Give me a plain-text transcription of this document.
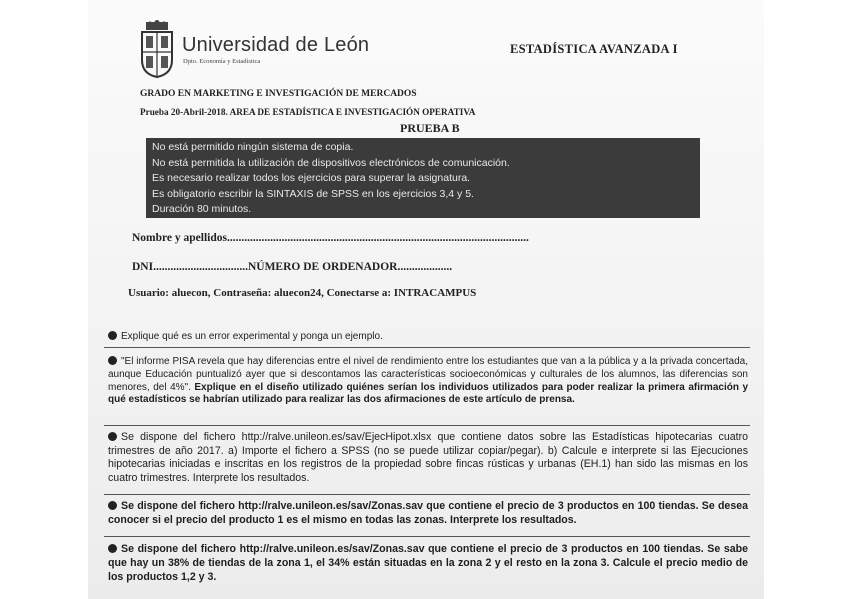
Universidad de León
Dpto. Economía y Estadística
ESTADÍSTICA AVANZADA I
GRADO EN MARKETING E INVESTIGACIÓN DE MERCADOS
Prueba 20-Abril-2018. AREA DE ESTADÍSTICA E INVESTIGACIÓN OPERATIVA
PRUEBA B
No está permitido ningún sistema de copia.
No está permitida la utilización de dispositivos electrónicos de comunicación.
Es necesario realizar todos los ejercicios para superar la asignatura.
Es obligatorio escribir la SINTAXIS de SPSS en los ejercicios 3,4 y 5.
Duración 80 minutos.
Nombre y apellidos.........................................................................................................
DNI.................................NÚMERO DE ORDENADOR...................
Usuario: aluecon, Contraseña: aluecon24, Conectarse a: INTRACAMPUS
Explique qué es un error experimental y ponga un ejemplo.
"El informe PISA revela que hay diferencias entre el nivel de rendimiento entre los estudiantes que van a la pública y a la privada concertada, aunque Educación puntualizó ayer que si descontamos las características socioeconómicas y culturales de los alumnos, las diferencias son menores, del 4%". Explique en el diseño utilizado quiénes serían los individuos utilizados para poder realizar la primera afirmación y qué estadísticos se habrían utilizado para realizar las dos afirmaciones de este artículo de prensa.
Se dispone del fichero http://ralve.unileon.es/sav/EjecHipot.xlsx que contiene datos sobre las Estadísticas hipotecarias cuatro trimestres de año 2017. a) Importe el fichero a SPSS (no se puede utilizar copiar/pegar). b) Calcule e interprete si las Ejecuciones hipotecarias iniciadas e inscritas en los registros de la propiedad sobre fincas rústicas y urbanas (EH.1) han sido las mismas en los cuatro trimestres. Interprete los resultados.
Se dispone del fichero http://ralve.unileon.es/sav/Zonas.sav que contiene el precio de 3 productos en 100 tiendas. Se desea conocer si el precio del producto 1 es el mismo en todas las zonas. Interprete los resultados.
Se dispone del fichero http://ralve.unileon.es/sav/Zonas.sav que contiene el precio de 3 productos en 100 tiendas. Se sabe que hay un 38% de tiendas de la zona 1, el 34% están situadas en la zona 2 y el resto en la zona 3. Calcule el precio medio de los productos 1,2 y 3.
